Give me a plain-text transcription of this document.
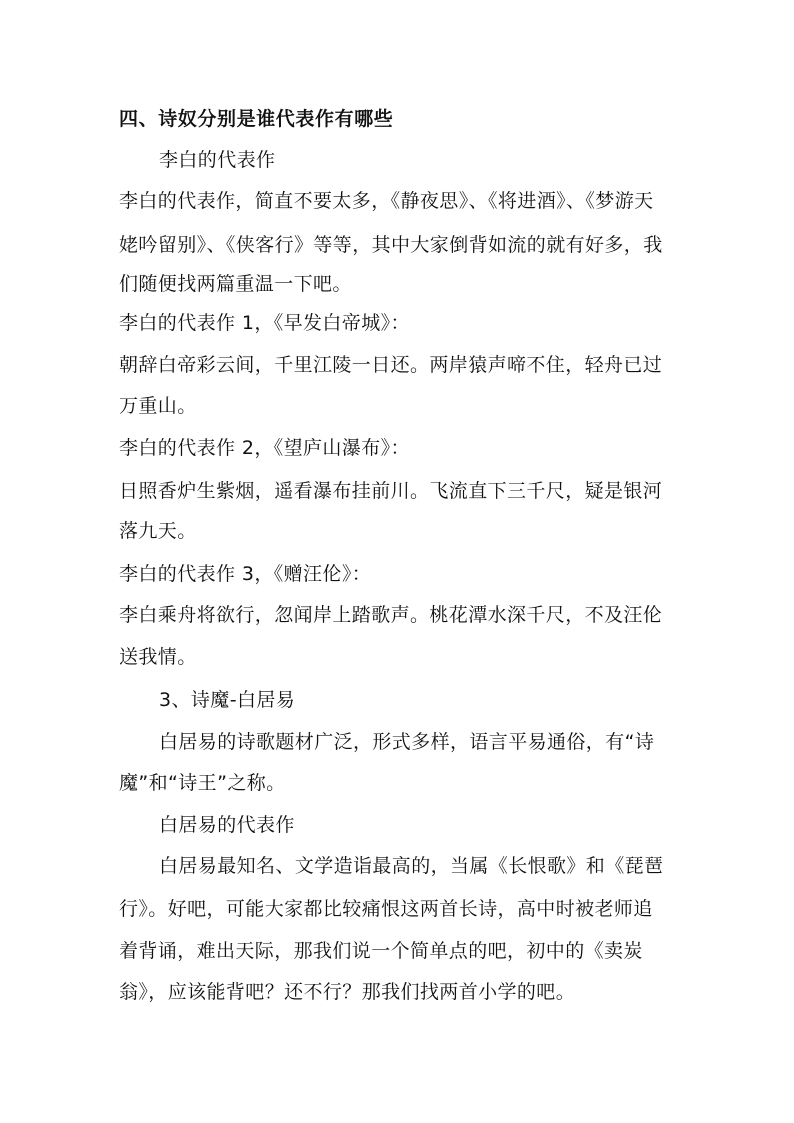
四、诗奴分别是谁代表作有哪些
李白的代表作
李白的代表作，简直不要太多，《静夜思》、《将进酒》、《梦游天
姥吟留别》、《侠客行》等等，其中大家倒背如流的就有好多，我
们随便找两篇重温一下吧。
李白的代表作 1，《早发白帝城》：
朝辞白帝彩云间，千里江陵一日还。两岸猿声啼不住，轻舟已过
万重山。
李白的代表作 2，《望庐山瀑布》：
日照香炉生紫烟，遥看瀑布挂前川。飞流直下三千尺，疑是银河
落九天。
李白的代表作 3，《赠汪伦》：
李白乘舟将欲行，忽闻岸上踏歌声。桃花潭水深千尺，不及汪伦
送我情。
3、诗魔-白居易
白居易的诗歌题材广泛，形式多样，语言平易通俗，有“诗
魔”和“诗王”之称。
白居易的代表作
白居易最知名、文学造诣最高的，当属《长恨歌》和《琵琶
行》。好吧，可能大家都比较痛恨这两首长诗，高中时被老师追
着背诵，难出天际，那我们说一个简单点的吧，初中的《卖炭
翁》，应该能背吧？还不行？那我们找两首小学的吧。
